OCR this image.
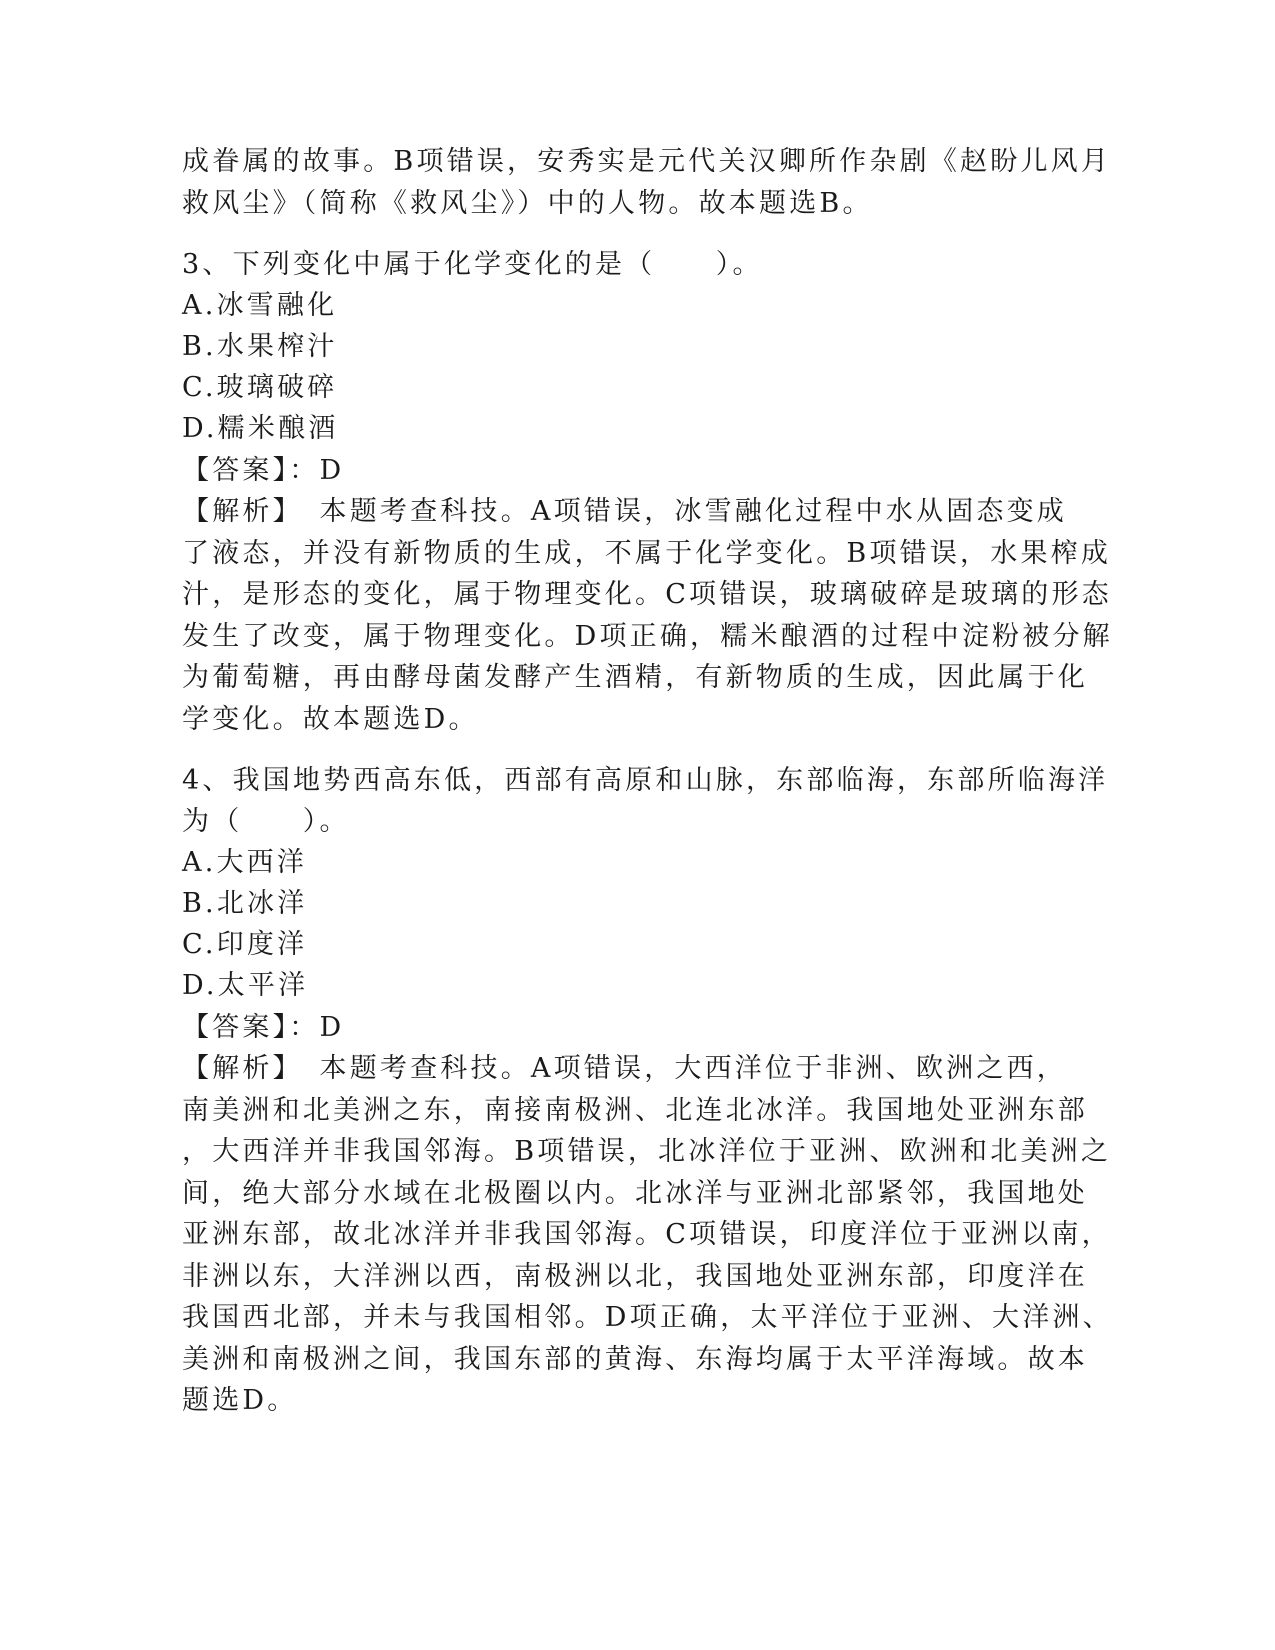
成眷属的故事。B项错误，安秀实是元代关汉卿所作杂剧《赵盼儿风月
救风尘》（简称《救风尘》）中的人物。故本题选B。
3、下列变化中属于化学变化的是（　　）。
A.冰雪融化
B.水果榨汁
C.玻璃破碎
D.糯米酿酒
【答案】：D
【解析】　本题考查科技。A项错误，冰雪融化过程中水从固态变成
了液态，并没有新物质的生成，不属于化学变化。B项错误，水果榨成
汁，是形态的变化，属于物理变化。C项错误，玻璃破碎是玻璃的形态
发生了改变，属于物理变化。D项正确，糯米酿酒的过程中淀粉被分解
为葡萄糖，再由酵母菌发酵产生酒精，有新物质的生成，因此属于化
学变化。故本题选D。
4、我国地势西高东低，西部有高原和山脉，东部临海，东部所临海洋
为（　　）。
A.大西洋
B.北冰洋
C.印度洋
D.太平洋
【答案】：D
【解析】　本题考查科技。A项错误，大西洋位于非洲、欧洲之西，
南美洲和北美洲之东，南接南极洲、北连北冰洋。我国地处亚洲东部
，大西洋并非我国邻海。B项错误，北冰洋位于亚洲、欧洲和北美洲之
间，绝大部分水域在北极圈以内。北冰洋与亚洲北部紧邻，我国地处
亚洲东部，故北冰洋并非我国邻海。C项错误，印度洋位于亚洲以南，
非洲以东，大洋洲以西，南极洲以北，我国地处亚洲东部，印度洋在
我国西北部，并未与我国相邻。D项正确，太平洋位于亚洲、大洋洲、
美洲和南极洲之间，我国东部的黄海、东海均属于太平洋海域。故本
题选D。
